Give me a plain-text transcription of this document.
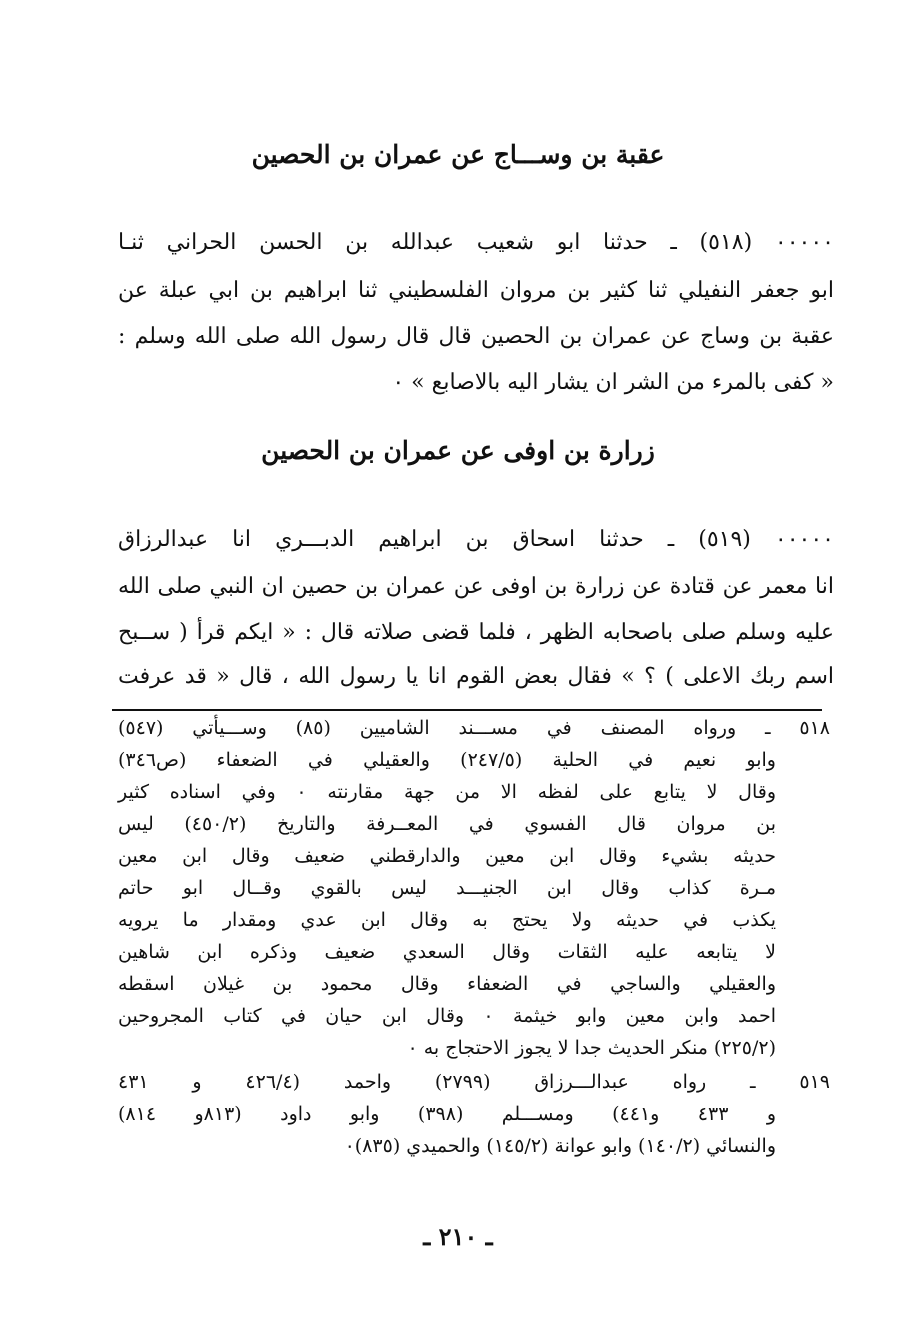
عقبة بن وســـاج عن عمران بن الحصين
٠٠٠٠٠ (٥١٨) ـ حدثنا ابو شعيب عبدالله بن الحسن الحراني ثنـا
ابو جعفر النفيلي ثنا كثير بن مروان الفلسطيني ثنا ابراهيم بن ابي عبلة عن
عقبة بن وساج عن عمران بن الحصين قال قال رسول الله صلى الله وسلم :
« كفى بالمرء من الشر ان يشار اليه بالاصابع » ٠
زرارة بن اوفى عن عمران بن الحصين
٠٠٠٠٠ (٥١٩) ـ حدثنا اسحاق بن ابراهيم الدبـــري انا عبدالرزاق
انا معمر عن قتادة عن زرارة بن اوفى عن عمران بن حصين ان النبي صلى الله
عليه وسلم صلى باصحابه الظهر ، فلما قضى صلاته قال : « ايكم قرأ ( ســبح
اسم ربك الاعلى ) ؟ » فقال بعض القوم انا يا رسول الله ، قال « قد عرفت
٥١٨ ـ ورواه المصنف في مســـند الشاميين (٨٥) وســـيأتي (٥٤٧)
وابو نعيم في الحلية (٢٤٧/٥) والعقيلي في الضعفاء (ص٣٤٦)
وقال لا يتابع على لفظه الا من جهة مقارنته ٠ وفي اسناده كثير
بن مروان قال الفسوي في المعــرفة والتاريخ (٤٥٠/٢) ليس
حديثه بشيء وقال ابن معين والدارقطني ضعيف وقال ابن معين
مـرة كذاب وقال ابن الجنيـــد ليس بالقوي وقــال ابو حاتم
يكذب في حديثه ولا يحتج به وقال ابن عدي ومقدار ما يرويه
لا يتابعه عليه الثقات وقال السعدي ضعيف وذكره ابن شاهين
والعقيلي والساجي في الضعفاء وقال محمود بن غيلان اسقطه
احمد وابن معين وابو خيثمة ٠ وقال ابن حيان في كتاب المجروحين
(٢٢٥/٢) منكر الحديث جدا لا يجوز الاحتجاج به ٠
٥١٩ ـ رواه عبدالـــرزاق (٢٧٩٩) واحمد (٤٢٦/٤ و ٤٣١
و ٤٣٣ و٤٤١) ومســـلم (٣٩٨) وابو داود (٨١٣و ٨١٤)
والنسائي (١٤٠/٢) وابو عوانة (١٤٥/٢) والحميدي (٨٣٥)٠
ـ ٢١٠ ـ
